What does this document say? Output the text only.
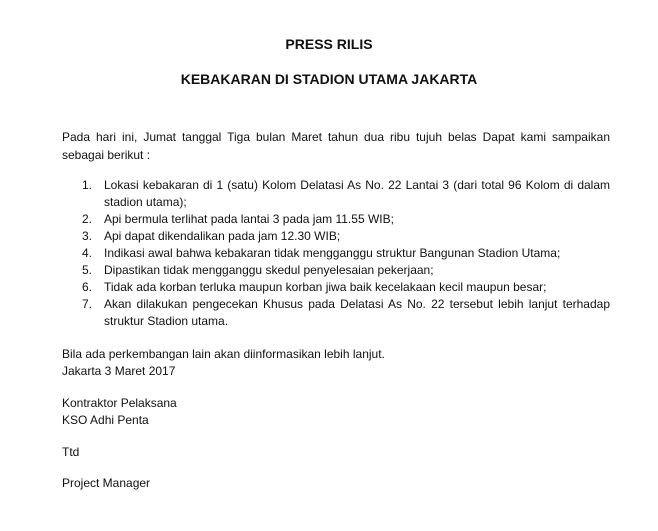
PRESS RILIS
KEBAKARAN DI STADION UTAMA JAKARTA
Pada hari ini, Jumat tanggal Tiga bulan Maret tahun dua ribu tujuh belas Dapat kami sampaikan sebagai berikut :
1. Lokasi kebakaran di 1 (satu) Kolom Delatasi As No. 22 Lantai 3 (dari total 96 Kolom di dalam stadion utama);
2. Api bermula terlihat pada lantai 3 pada jam 11.55 WIB;
3. Api dapat dikendalikan pada jam 12.30 WIB;
4. Indikasi awal bahwa kebakaran tidak mengganggu struktur Bangunan Stadion Utama;
5. Dipastikan tidak mengganggu skedul penyelesaian pekerjaan;
6. Tidak ada korban terluka maupun korban jiwa baik kecelakaan kecil maupun besar;
7. Akan dilakukan pengecekan Khusus pada Delatasi As No. 22 tersebut lebih lanjut terhadap struktur Stadion utama.
Bila ada perkembangan lain akan diinformasikan lebih lanjut.
Jakarta 3 Maret 2017
Kontraktor Pelaksana
KSO Adhi Penta
Ttd
Project Manager
